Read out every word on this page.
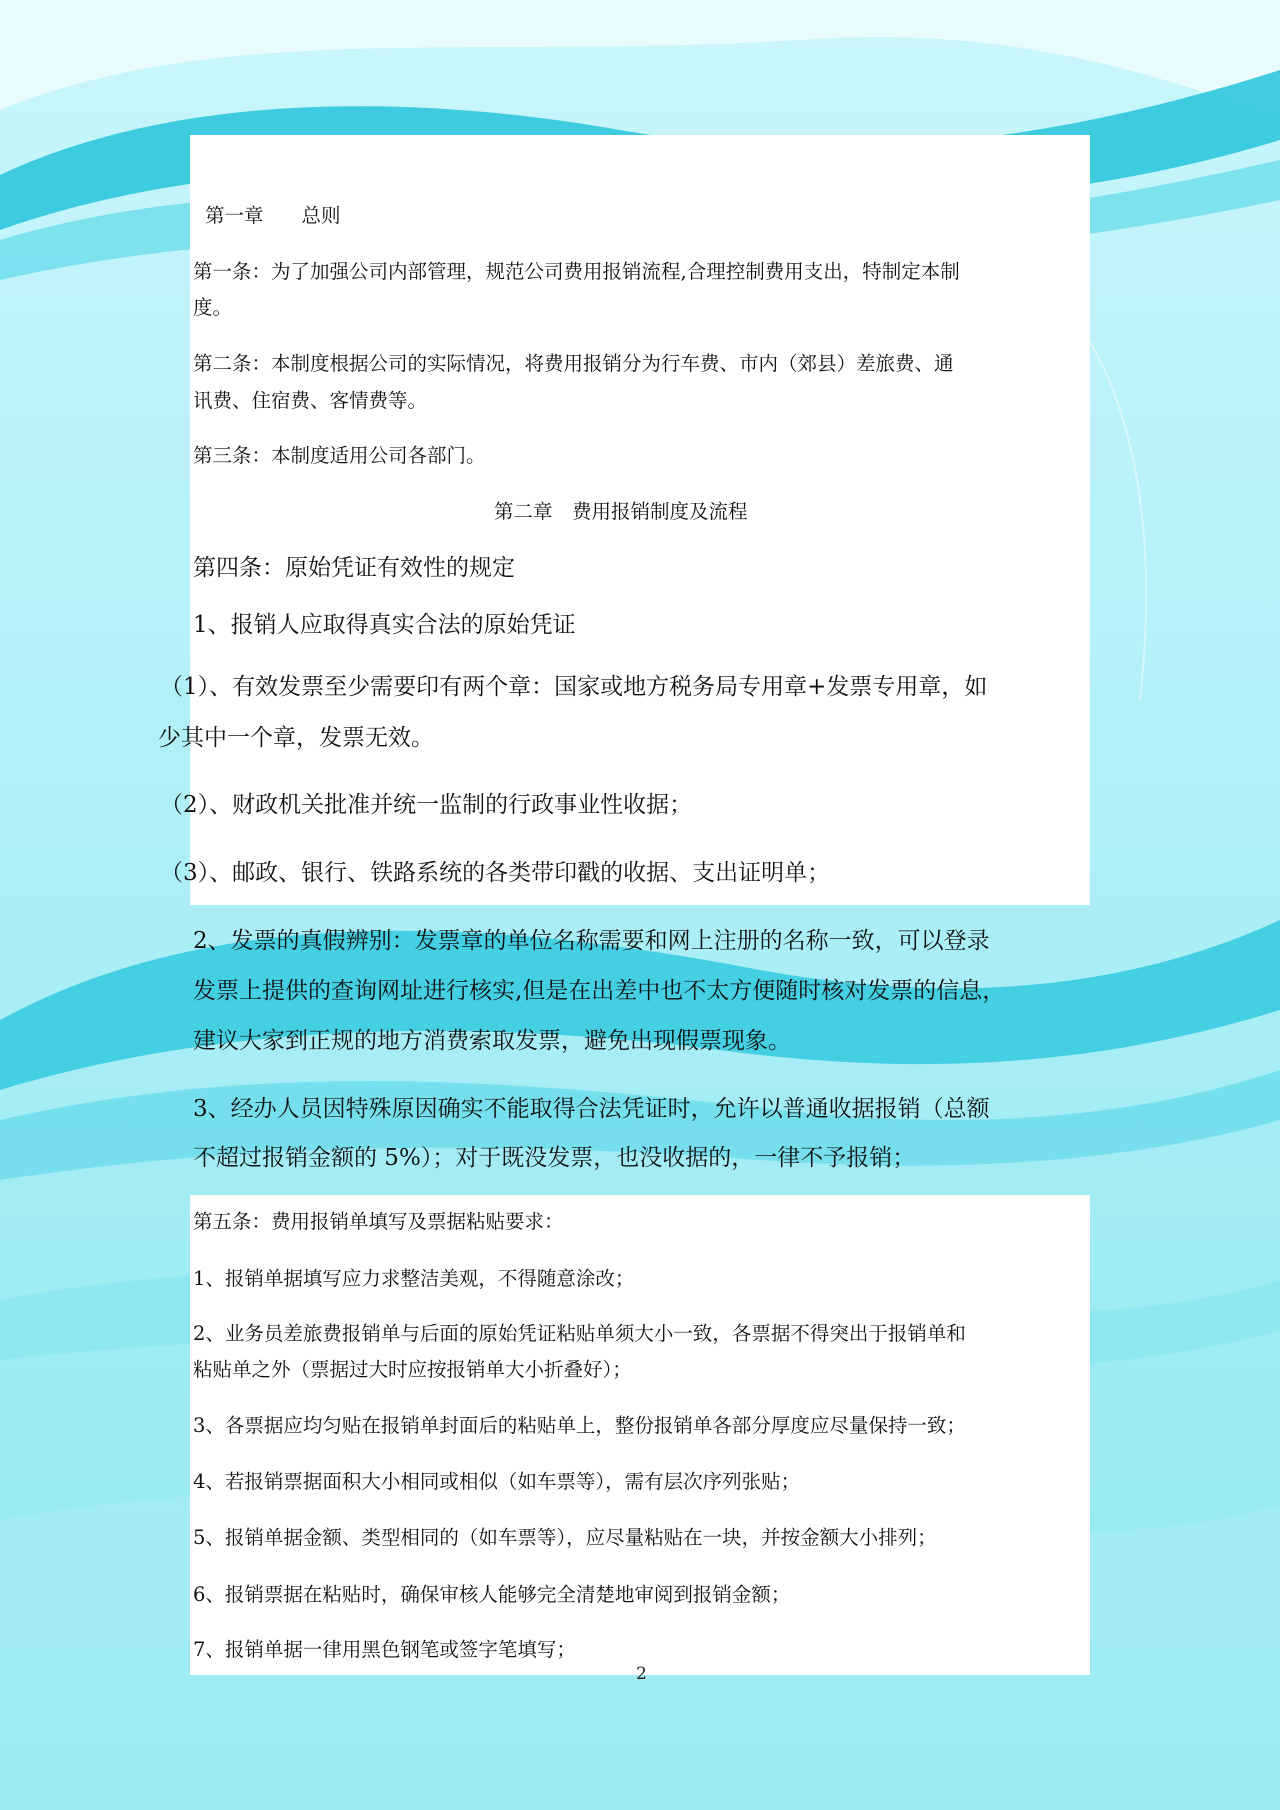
第一章 总则
第一条：为了加强公司内部管理，规范公司费用报销流程,合理控制费用支出，特制定本制
度。
第二条：本制度根据公司的实际情况，将费用报销分为行车费、市内（郊县）差旅费、通
讯费、住宿费、客情费等。
第三条：本制度适用公司各部门。
第二章　费用报销制度及流程
第四条：原始凭证有效性的规定
1、报销人应取得真实合法的原始凭证
（1）、有效发票至少需要印有两个章：国家或地方税务局专用章+发票专用章，如
少其中一个章，发票无效。
（2）、财政机关批准并统一监制的行政事业性收据；
（3）、邮政、银行、铁路系统的各类带印戳的收据、支出证明单；
2、发票的真假辨别：发票章的单位名称需要和网上注册的名称一致，可以登录
发票上提供的查询网址进行核实,但是在出差中也不太方便随时核对发票的信息，
建议大家到正规的地方消费索取发票，避免出现假票现象。
3、经办人员因特殊原因确实不能取得合法凭证时，允许以普通收据报销（总额
不超过报销金额的 5%）；对于既没发票，也没收据的，一律不予报销；
第五条：费用报销单填写及票据粘贴要求：
1、报销单据填写应力求整洁美观，不得随意涂改；
2、业务员差旅费报销单与后面的原始凭证粘贴单须大小一致，各票据不得突出于报销单和
粘贴单之外（票据过大时应按报销单大小折叠好）；
3、各票据应均匀贴在报销单封面后的粘贴单上，整份报销单各部分厚度应尽量保持一致；
4、若报销票据面积大小相同或相似（如车票等），需有层次序列张贴；
5、报销单据金额、类型相同的（如车票等），应尽量粘贴在一块，并按金额大小排列；
6、报销票据在粘贴时，确保审核人能够完全清楚地审阅到报销金额；
7、报销单据一律用黑色钢笔或签字笔填写；
2
